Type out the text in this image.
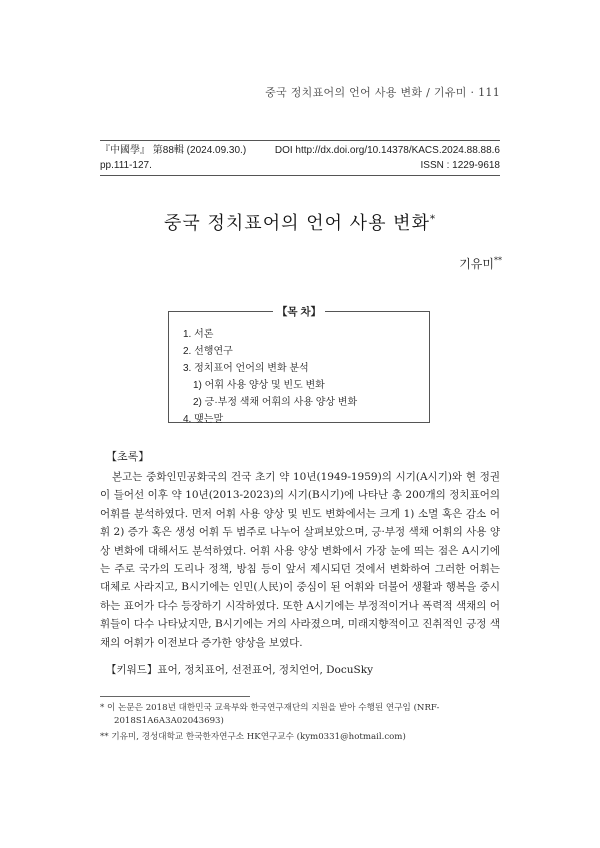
중국 정치표어의 언어 사용 변화 / 기유미 · 111
『中國學』 第88輯 (2024.09.30.)	DOI http://dx.doi.org/10.14378/KACS.2024.88.88.6
pp.111-127.	ISSN : 1229-9618
중국 정치표어의 언어 사용 변화*
기유미**
【목 차】
1. 서론
2. 선행연구
3. 정치표어 언어의 변화 분석
1) 어휘 사용 양상 및 빈도 변화
2) 긍·부정 색채 어휘의 사용 양상 변화
4. 맺는말
【초록】

본고는 중화인민공화국의 건국 초기 약 10년(1949-1959)의 시기(A시기)와 현 정권이 들어선 이후 약 10년(2013-2023)의 시기(B시기)에 나타난 총 200개의 정치표어의 어휘를 분석하였다. 먼저 어휘 사용 양상 및 빈도 변화에서는 크게 1) 소멸 혹은 감소 어휘 2) 증가 혹은 생성 어휘 두 범주로 나누어 살펴보았으며, 긍·부정 색채 어휘의 사용 양상 변화에 대해서도 분석하였다. 어휘 사용 양상 변화에서 가장 눈에 띄는 점은 A시기에는 주로 국가의 도리나 정책, 방침 등이 앞서 제시되던 것에서 변화하여 그러한 어휘는 대체로 사라지고, B시기에는 인민(人民)이 중심이 된 어휘와 더불어 생활과 행복을 중시하는 표어가 다수 등장하기 시작하였다. 또한 A시기에는 부정적이거나 폭력적 색채의 어휘들이 다수 나타났지만, B시기에는 거의 사라졌으며, 미래지향적이고 진취적인 긍정 색채의 어휘가 이전보다 증가한 양상을 보였다.

【키워드】표어, 정치표어, 선전표어, 정치언어, DocuSky

* 이 논문은 2018년 대한민국 교육부와 한국연구재단의 지원을 받아 수행된 연구임 (NRF-2018S1A6A3A02043693)

** 기유미, 경성대학교 한국한자연구소 HK연구교수 (kym0331@hotmail.com)
